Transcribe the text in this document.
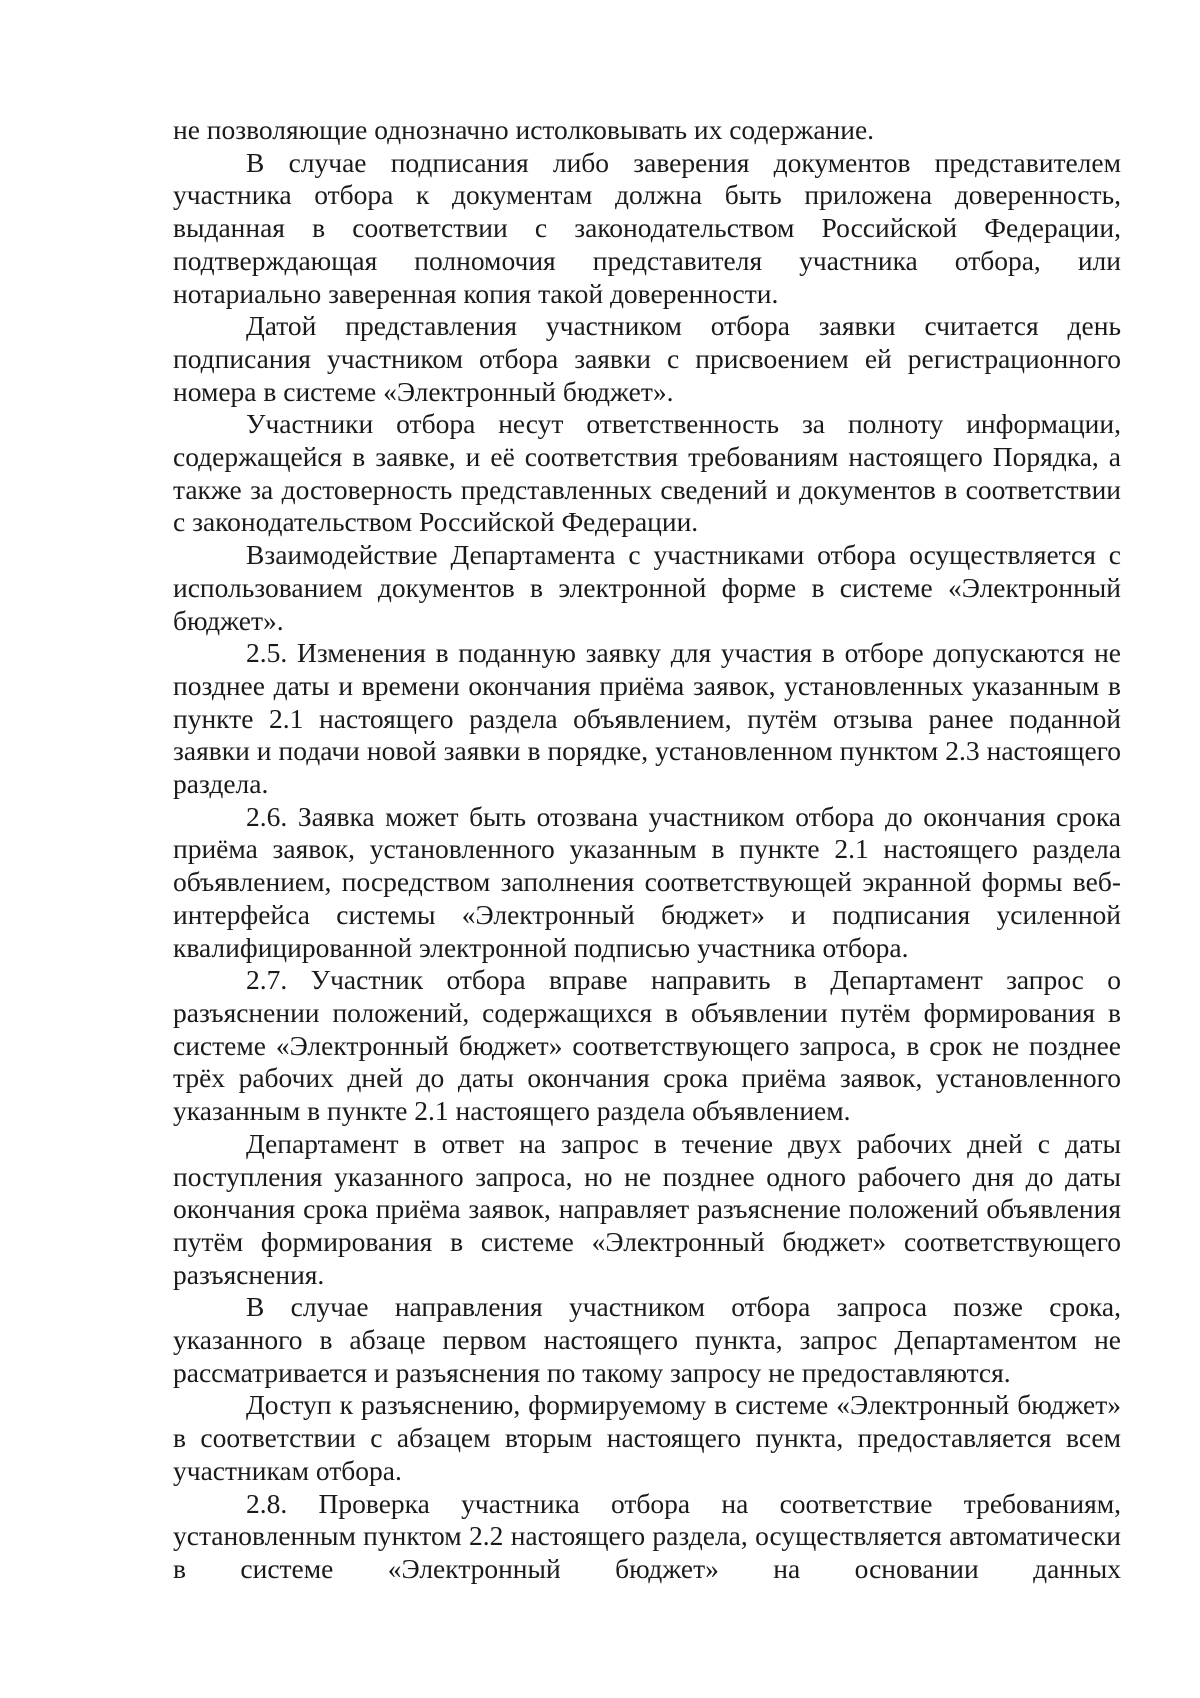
не позволяющие однозначно истолковывать их содержание.

В случае подписания либо заверения документов представителем участника отбора к документам должна быть приложена доверенность, выданная в соответствии с законодательством Российской Федерации, подтверждающая полномочия представителя участника отбора, или нотариально заверенная копия такой доверенности.

Датой представления участником отбора заявки считается день подписания участником отбора заявки с присвоением ей регистрационного номера в системе «Электронный бюджет».

Участники отбора несут ответственность за полноту информации, содержащейся в заявке, и её соответствия требованиям настоящего Порядка, а также за достоверность представленных сведений и документов в соответствии с законодательством Российской Федерации.

Взаимодействие Департамента с участниками отбора осуществляется с использованием документов в электронной форме в системе «Электронный бюджет».

2.5. Изменения в поданную заявку для участия в отборе допускаются не позднее даты и времени окончания приёма заявок, установленных указанным в пункте 2.1 настоящего раздела объявлением, путём отзыва ранее поданной заявки и подачи новой заявки в порядке, установленном пунктом 2.3 настоящего раздела.

2.6. Заявка может быть отозвана участником отбора до окончания срока приёма заявок, установленного указанным в пункте 2.1 настоящего раздела объявлением, посредством заполнения соответствующей экранной формы веб-интерфейса системы «Электронный бюджет» и подписания усиленной квалифицированной электронной подписью участника отбора.

2.7. Участник отбора вправе направить в Департамент запрос о разъяснении положений, содержащихся в объявлении путём формирования в системе «Электронный бюджет» соответствующего запроса, в срок не позднее трёх рабочих дней до даты окончания срока приёма заявок, установленного указанным в пункте 2.1 настоящего раздела объявлением.

Департамент в ответ на запрос в течение двух рабочих дней с даты поступления указанного запроса, но не позднее одного рабочего дня до даты окончания срока приёма заявок, направляет разъяснение положений объявления путём формирования в системе «Электронный бюджет» соответствующего разъяснения.

В случае направления участником отбора запроса позже срока, указанного в абзаце первом настоящего пункта, запрос Департаментом не рассматривается и разъяснения по такому запросу не предоставляются.

Доступ к разъяснению, формируемому в системе «Электронный бюджет» в соответствии с абзацем вторым настоящего пункта, предоставляется всем участникам отбора.

2.8. Проверка участника отбора на соответствие требованиям, установленным пунктом 2.2 настоящего раздела, осуществляется автоматически в системе «Электронный бюджет» на основании данных
